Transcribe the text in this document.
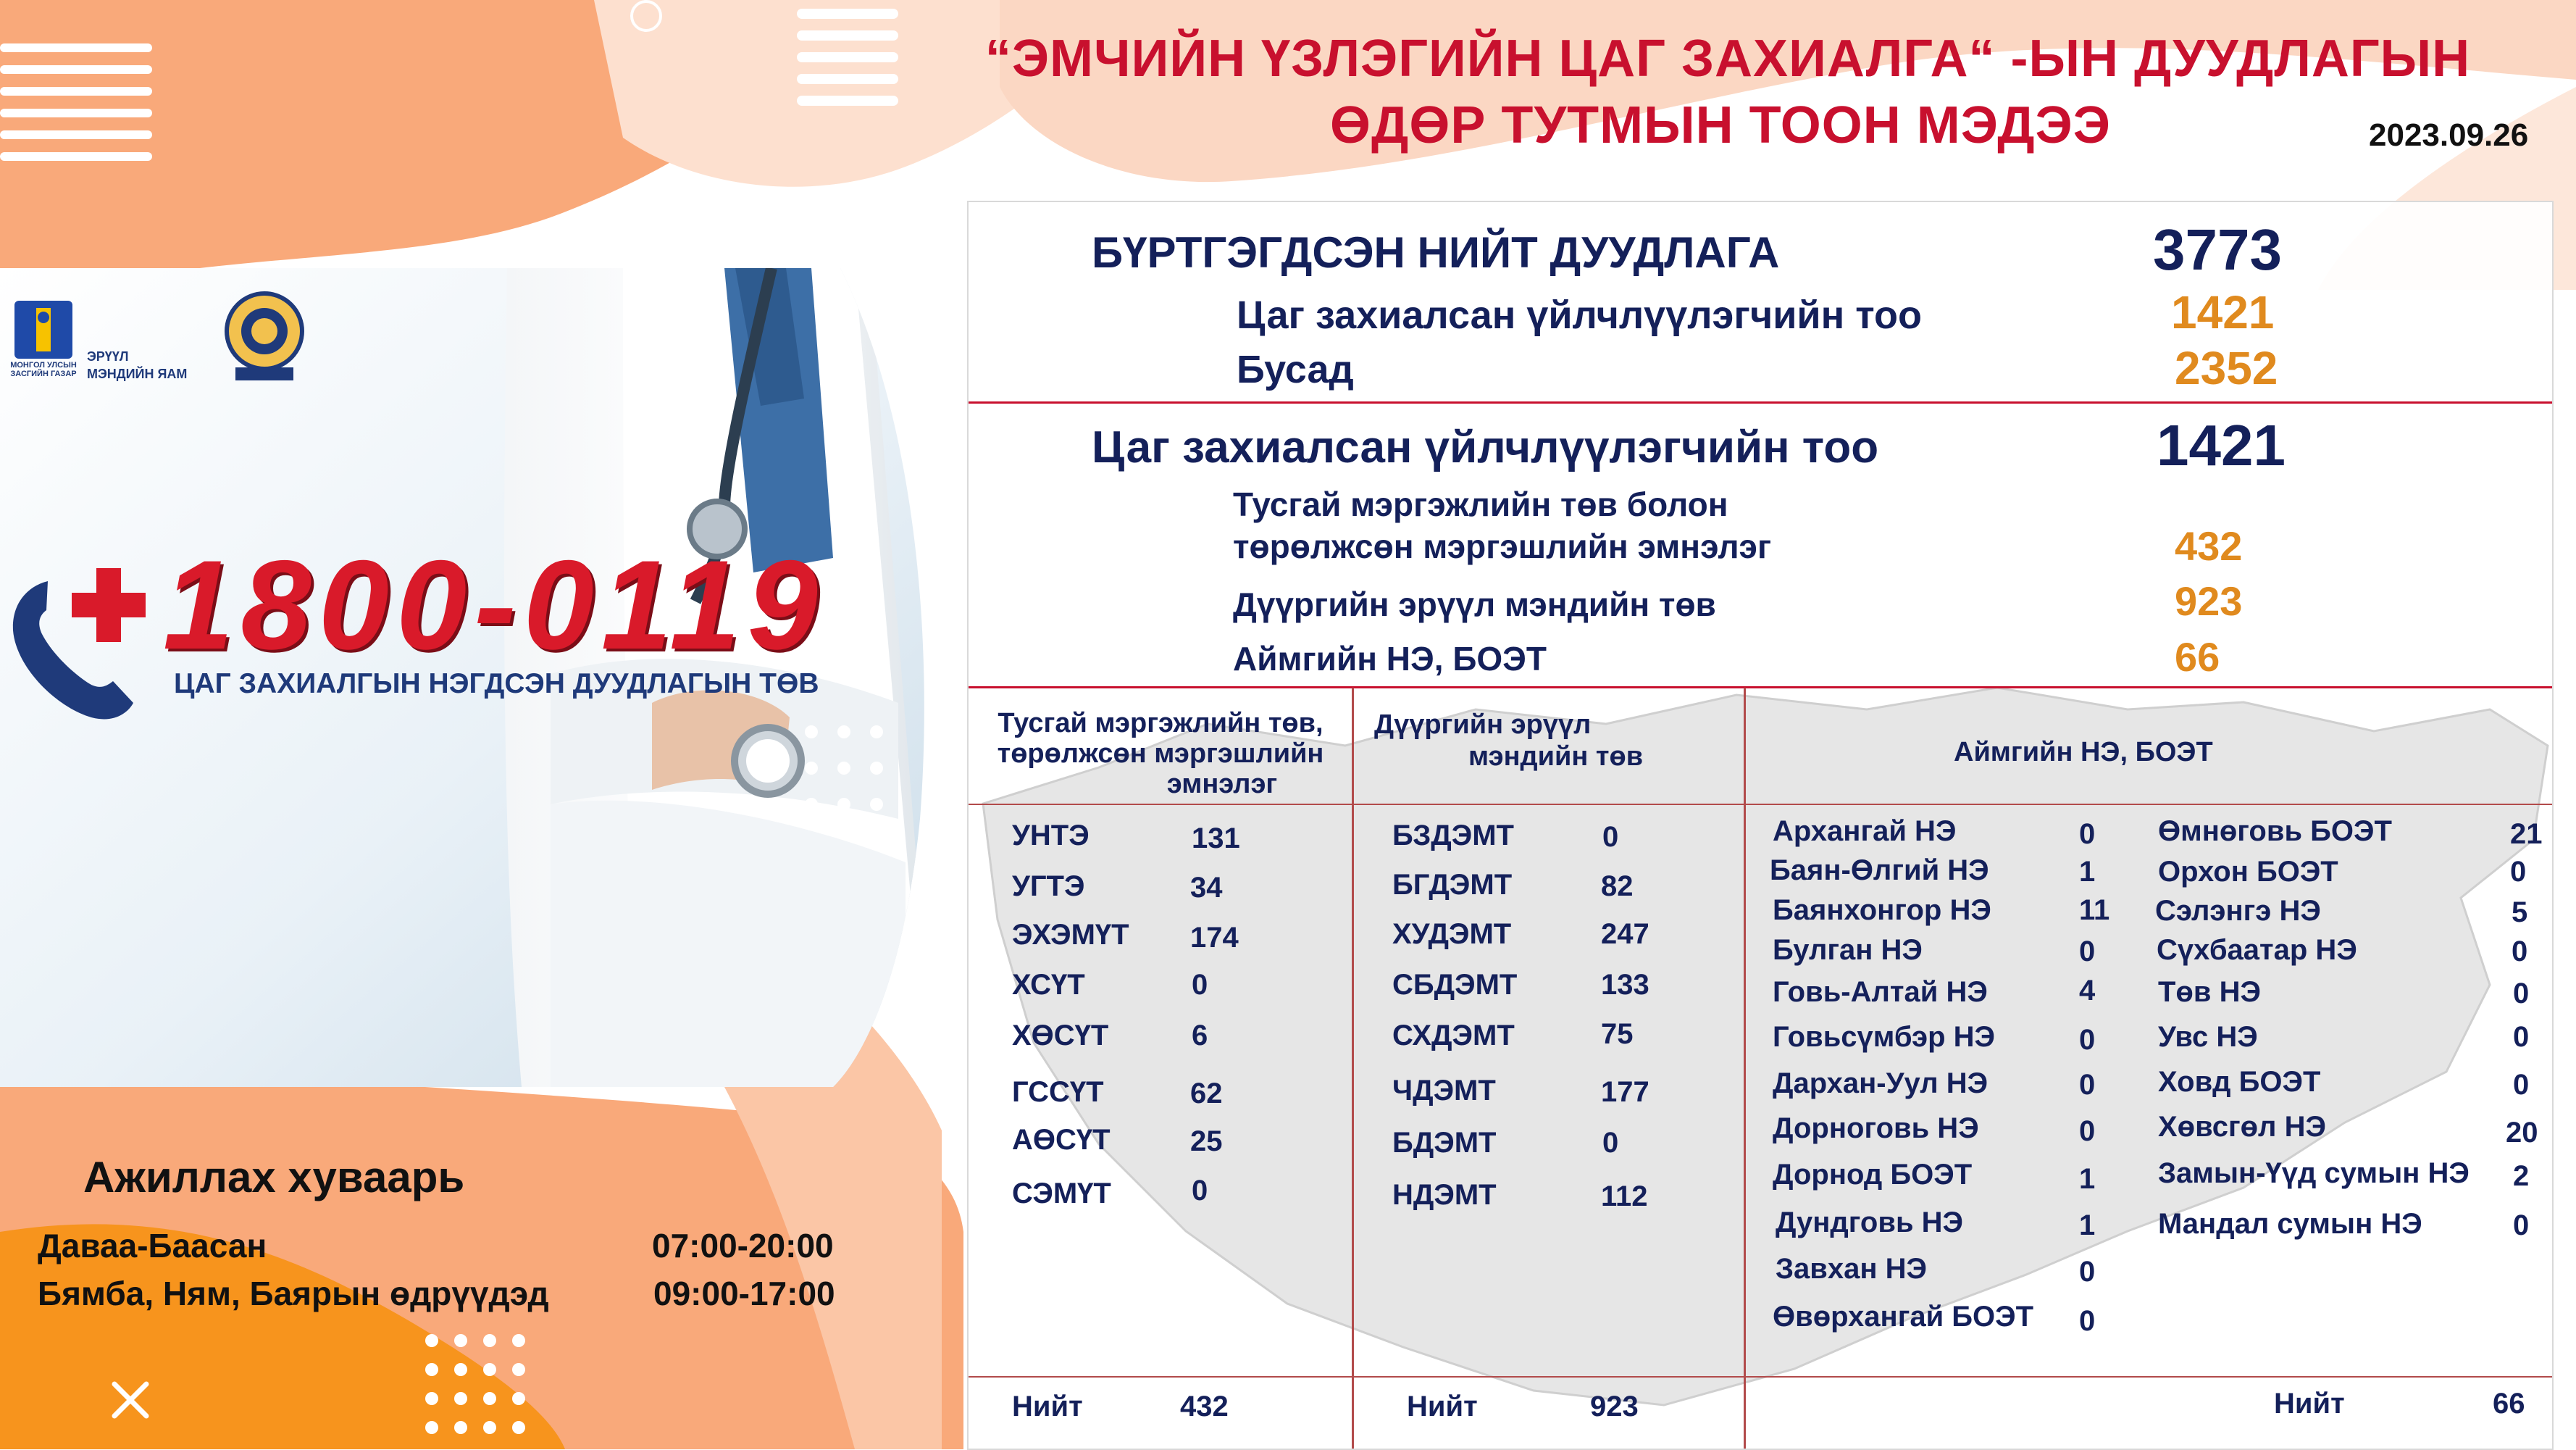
МОНГОЛ УЛСЫН ЗАСГИЙН ГАЗАР
ЭРҮҮЛ МЭНДИЙН ЯАМ
1800-0119
ЦАГ ЗАХИАЛГЫН НЭГДСЭН ДУУДЛАГЫН ТӨВ
Ажиллах хуваарь
Даваа-Баасан	07:00-20:00
Бямба, Ням, Баярын өдрүүдэд	09:00-17:00
“ЭМЧИЙН ҮЗЛЭГИЙН ЦАГ ЗАХИАЛГА“ -ЫН ДУУДЛАГЫН
ӨДӨР ТУТМЫН ТООН МЭДЭЭ	2023.09.26
БҮРТГЭГДСЭН НИЙТ ДУУДЛАГА	3773
Цаг захиалсан үйлчлүүлэгчийн тоо	1421
Бусад	2352
Цаг захиалсан үйлчлүүлэгчийн тоо	1421
Тусгай мэргэжлийн төв болон
төрөлжсөн мэргэшлийн эмнэлэг	432
Дүүргийн эрүүл мэндийн төв	923
Аймгийн НЭ, БОЭТ	66
Тусгай мэргэжлийн төв,
төрөлжсөн мэргэшлийн
эмнэлэг
Дүүргийн эрүүл
мэндийн төв	Аймгийн НЭ, БОЭТ
УНТЭ	131
УГТЭ	34
ЭХЭМҮТ 174
ХСҮТ	0
ХӨСҮТ	6
ГССҮТ	62
АӨСҮТ	25
СЭМҮТ	0
Нийт	432
БЗДЭМТ	0
БГДЭМТ	82
ХУДЭМТ	247
СБДЭМТ	133
СХДЭМТ	75
ЧДЭМТ	177
БДЭМТ	0
НДЭМТ	112
Нийт	923
Архангай НЭ	0
Баян-Өлгий НЭ	1
Баянхонгор НЭ	11
Булган НЭ	0
Говь-Алтай НЭ	4
Говьсүмбэр НЭ	0
Дархан-Уул НЭ	0
Дорноговь НЭ	0
Дорнод БОЭТ	1
Дундговь НЭ	1
Завхан НЭ	0
Өвөрхангай БОЭТ 0
Өмнөговь БОЭТ	21
Орхон БОЭТ	0
Сэлэнгэ НЭ	5
Сүхбаатар НЭ	0
Төв НЭ	0
Увс НЭ	0
Ховд БОЭТ	0
Хөвсгөл НЭ	20
Замын-Үүд сумын НЭ 2
Мандал сумын НЭ	0
Нийт	66
